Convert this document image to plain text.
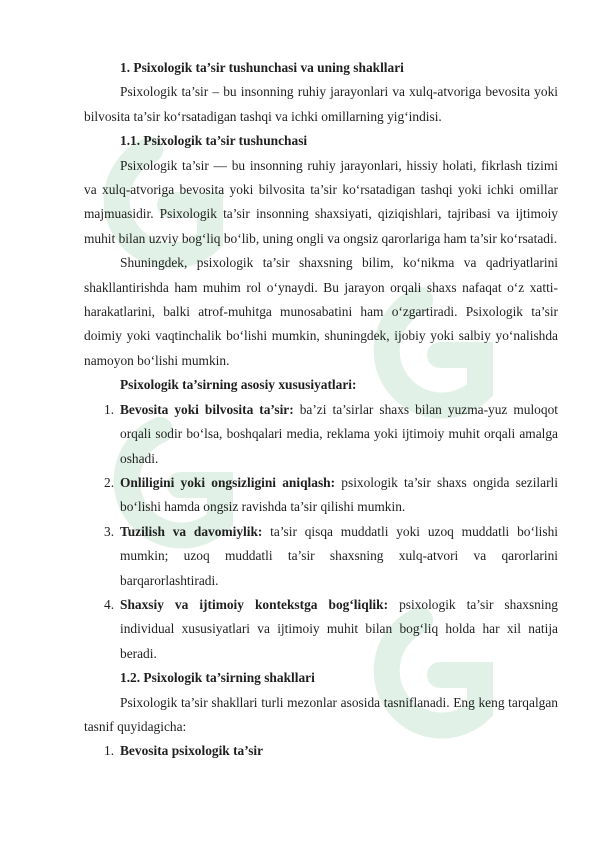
1. Psixologik ta’sir tushunchasi va uning shakllari

Psixologik ta’sir – bu insonning ruhiy jarayonlari va xulq-atvoriga bevosita yoki bilvosita ta’sir ko‘rsatadigan tashqi va ichki omillarning yig‘indisi.

1.1. Psixologik ta’sir tushunchasi

Psixologik ta’sir — bu insonning ruhiy jarayonlari, hissiy holati, fikrlash tizimi va xulq-atvoriga bevosita yoki bilvosita ta’sir ko‘rsatadigan tashqi yoki ichki omillar majmuasidir. Psixologik ta’sir insonning shaxsiyati, qiziqishlari, tajribasi va ijtimoiy muhit bilan uzviy bog‘liq bo‘lib, uning ongli va ongsiz qarorlariga ham ta’sir ko‘rsatadi.

Shuningdek, psixologik ta’sir shaxsning bilim, ko‘nikma va qadriyatlarini shakllantirishda ham muhim rol o‘ynaydi. Bu jarayon orqali shaxs nafaqat o‘z xatti-harakatlarini, balki atrof-muhitga munosabatini ham o‘zgartiradi. Psixologik ta’sir doimiy yoki vaqtinchalik bo‘lishi mumkin, shuningdek, ijobiy yoki salbiy yo‘nalishda namoyon bo‘lishi mumkin.

Psixologik ta’sirning asosiy xususiyatlari:

1. Bevosita yoki bilvosita ta’sir: ba’zi ta’sirlar shaxs bilan yuzma-yuz muloqot orqali sodir bo‘lsa, boshqalari media, reklama yoki ijtimoiy muhit orqali amalga oshadi.
2. Onliligini yoki ongsizligini aniqlash: psixologik ta’sir shaxs ongida sezilarli bo‘lishi hamda ongsiz ravishda ta’sir qilishi mumkin.
3. Tuzilish va davomiylik: ta’sir qisqa muddatli yoki uzoq muddatli bo‘lishi mumkin; uzoq muddatli ta’sir shaxsning xulq-atvori va qarorlarini barqarorlashtiradi.
4. Shaxsiy va ijtimoiy kontekstga bog‘liqlik: psixologik ta’sir shaxsning individual xususiyatlari va ijtimoiy muhit bilan bog‘liq holda har xil natija beradi.

1.2. Psixologik ta’sirning shakllari

Psixologik ta’sir shakllari turli mezonlar asosida tasniflanadi. Eng keng tarqalgan tasnif quyidagicha:

1. Bevosita psixologik ta’sir
